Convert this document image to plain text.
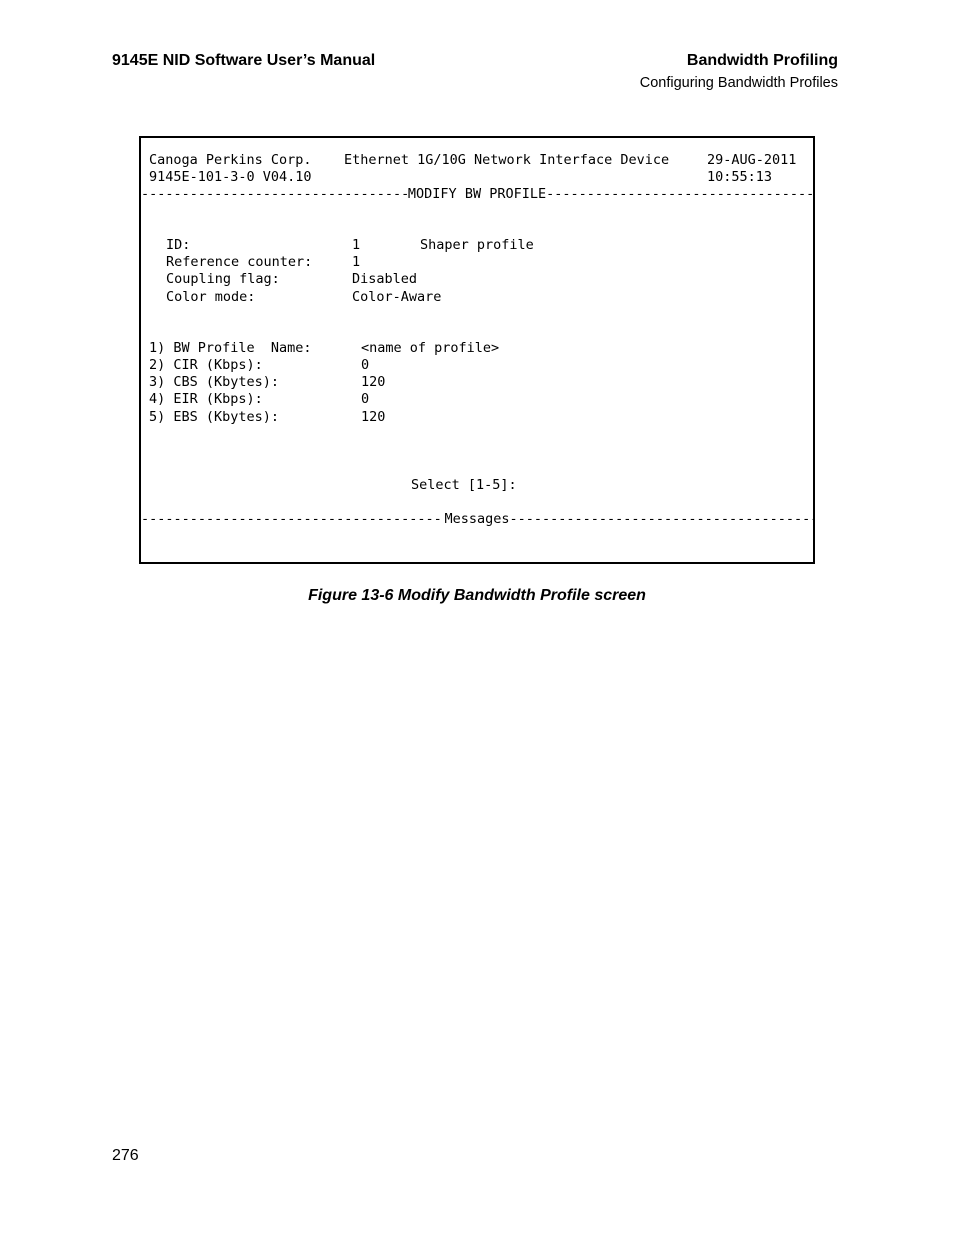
9145E NID Software User’s Manual	Bandwidth Profiling
Configuring Bandwidth Profiles
Canoga Perkins Corp. Ethernet 1G/10G Network Interface Device	29-AUG-2011
9145E-101-3-0 V04.10	10:55:13
-----
MODIFY BW PROFILE
-----
ID:	1	Shaper profile
Reference counter:	1
Coupling flag:	Disabled
Color mode:	Color-Aware
1) BW Profile  Name:	<name of profile>
2) CIR (Kbps):	0
3) CBS (Kbytes):	120
4) EIR (Kbps):	0
5) EBS (Kbytes):	120
Select [1-5]:
-----
Messages
-----
Figure 13-6 Modify Bandwidth Profile screen
276
